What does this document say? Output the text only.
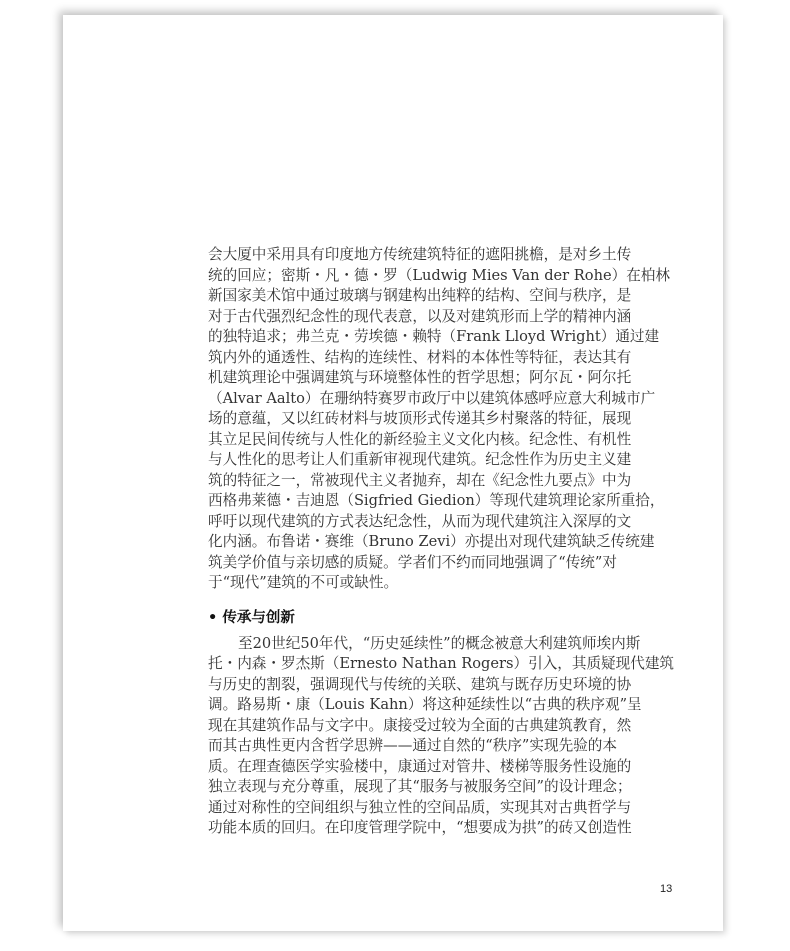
会大厦中采用具有印度地方传统建筑特征的遮阳挑檐，是对乡土传
统的回应；密斯・凡・德・罗（Ludwig Mies Van der Rohe）在柏林
新国家美术馆中通过玻璃与钢建构出纯粹的结构、空间与秩序，是
对于古代强烈纪念性的现代表意，以及对建筑形而上学的精神内涵
的独特追求；弗兰克・劳埃德・赖特（Frank Lloyd Wright）通过建
筑内外的通透性、结构的连续性、材料的本体性等特征，表达其有
机建筑理论中强调建筑与环境整体性的哲学思想；阿尔瓦・阿尔托
（Alvar Aalto）在珊纳特赛罗市政厅中以建筑体感呼应意大利城市广
场的意蕴，又以红砖材料与坡顶形式传递其乡村聚落的特征，展现
其立足民间传统与人性化的新经验主义文化内核。纪念性、有机性
与人性化的思考让人们重新审视现代建筑。纪念性作为历史主义建
筑的特征之一，常被现代主义者抛弃，却在《纪念性九要点》中为
西格弗莱德・吉迪恩（Sigfried Giedion）等现代建筑理论家所重拾，
呼吁以现代建筑的方式表达纪念性，从而为现代建筑注入深厚的文
化内涵。布鲁诺・赛维（Bruno Zevi）亦提出对现代建筑缺乏传统建
筑美学价值与亲切感的质疑。学者们不约而同地强调了“传统”对
于“现代”建筑的不可或缺性。
• 传承与创新
至20世纪50年代，“历史延续性”的概念被意大利建筑师埃内斯
托・内森・罗杰斯（Ernesto Nathan Rogers）引入，其质疑现代建筑
与历史的割裂，强调现代与传统的关联、建筑与既存历史环境的协
调。路易斯・康（Louis Kahn）将这种延续性以“古典的秩序观”呈
现在其建筑作品与文字中。康接受过较为全面的古典建筑教育，然
而其古典性更内含哲学思辨——通过自然的“秩序”实现先验的本
质。在理查德医学实验楼中，康通过对管井、楼梯等服务性设施的
独立表现与充分尊重，展现了其“服务与被服务空间”的设计理念；
通过对称性的空间组织与独立性的空间品质，实现其对古典哲学与
功能本质的回归。在印度管理学院中，“想要成为拱”的砖又创造性
13
